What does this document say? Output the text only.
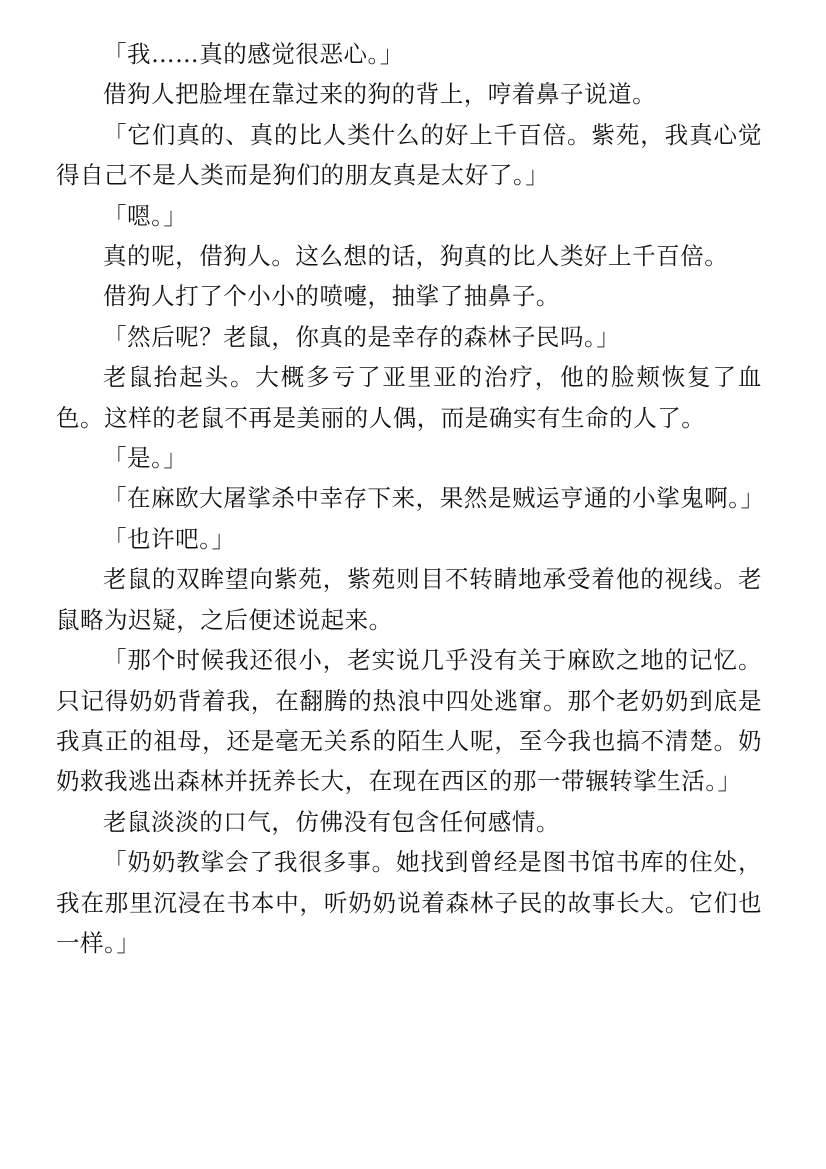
「我……真的感觉很恶心。」

借狗人把脸埋在靠过来的狗的背上，哼着鼻子说道。

「它们真的、真的比人类什么的好上千百倍。紫苑，我真心觉得自己不是人类而是狗们的朋友真是太好了。」

「嗯。」

真的呢，借狗人。这么想的话，狗真的比人类好上千百倍。

借狗人打了个小小的喷嚏，抽挲了抽鼻子。

「然后呢？老鼠，你真的是幸存的森林子民吗。」

老鼠抬起头。大概多亏了亚里亚的治疗，他的脸颊恢复了血色。这样的老鼠不再是美丽的人偶，而是确实有生命的人了。

「是。」

「在麻欧大屠挲杀中幸存下来，果然是贼运亨通的小挲鬼啊。」

「也许吧。」

老鼠的双眸望向紫苑，紫苑则目不转睛地承受着他的视线。老鼠略为迟疑，之后便述说起来。

「那个时候我还很小，老实说几乎没有关于麻欧之地的记忆。只记得奶奶背着我，在翻腾的热浪中四处逃窜。那个老奶奶到底是我真正的祖母，还是毫无关系的陌生人呢，至今我也搞不清楚。奶奶救我逃出森林并抚养长大，在现在西区的那一带辗转挲生活。」

老鼠淡淡的口气，仿佛没有包含任何感情。

「奶奶教挲会了我很多事。她找到曾经是图书馆书库的住处，我在那里沉浸在书本中，听奶奶说着森林子民的故事长大。它们也一样。」
